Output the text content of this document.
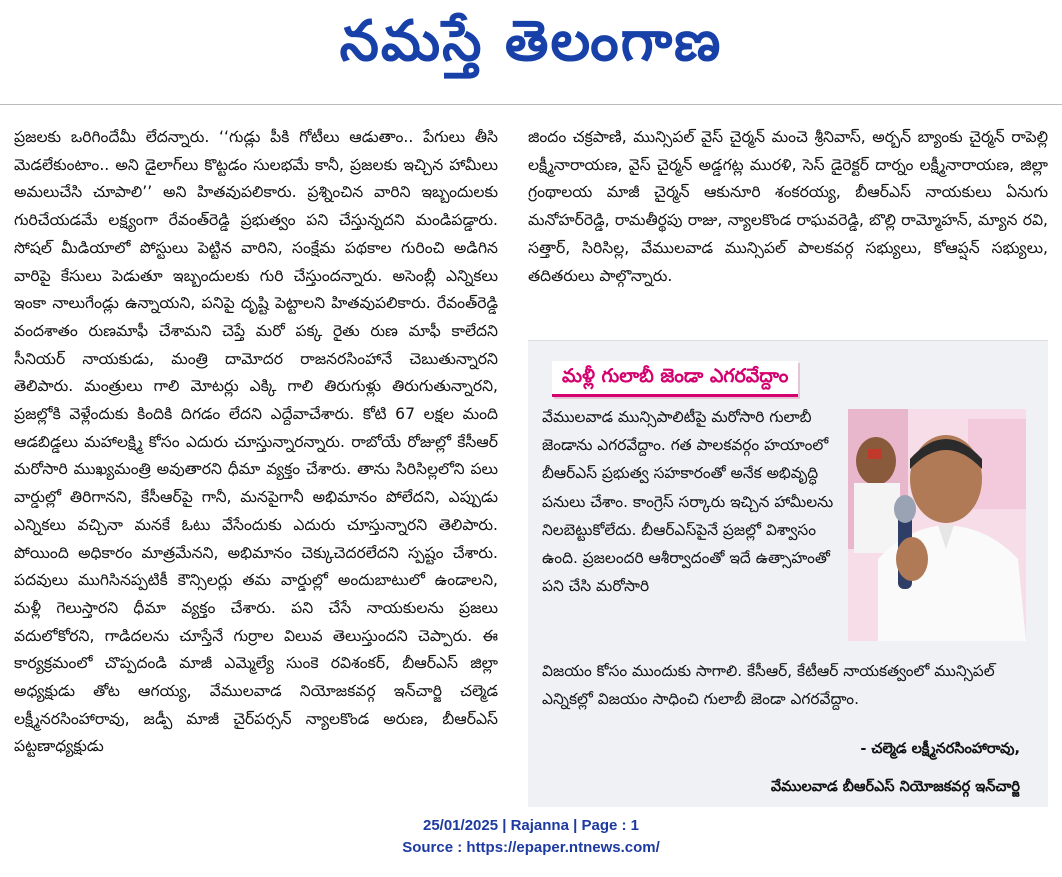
నమస్తే తెలంగాణ
ప్రజలకు ఒరిగిందేమీ లేదన్నారు. ‘‘గుడ్లు పీకి గోటీలు ఆడుతాం.. పేగులు తీసి మెడలేకుంటాం.. అని డైలాగ్‌లు కొట్టడం సులభమే కానీ, ప్రజలకు ఇచ్చిన హామీలు అమలుచేసి చూపాలి’’ అని హితవుపలికారు. ప్రశ్నించిన వారిని ఇబ్బందులకు గురిచేయడమే లక్ష్యంగా రేవంత్‌రెడ్డి ప్రభుత్వం పని చేస్తున్నదని మండిపడ్డారు. సోషల్‌ మీడియాలో పోస్టులు పెట్టిన వారిని, సంక్షేమ పథకాల గురించి అడిగిన వారిపై కేసులు పెడుతూ ఇబ్బందులకు గురి చేస్తుందన్నారు. అసెంబ్లీ ఎన్నికలు ఇంకా నాలుగేండ్లు ఉన్నాయని, పనిపై దృష్టి పెట్టాలని హితవుపలికారు. రేవంత్‌రెడ్డి వందశాతం రుణమాఫీ చేశామని చెప్తే మరో పక్క రైతు రుణ మాఫీ కాలేదని సీనియర్‌ నాయకుడు, మంత్రి దామోదర రాజనరసింహానే చెబుతున్నారని తెలిపారు. మంత్రులు గాలి మోటర్లు ఎక్కి గాలి తిరుగుళ్లు తిరుగుతున్నారని, ప్రజల్లోకి వెళ్లేందుకు కిందికి దిగడం లేదని ఎద్దేవాచేశారు. కోటి 67 లక్షల మంది ఆడబిడ్డలు మహాలక్ష్మి కోసం ఎదురు చూస్తున్నారన్నారు. రాబోయే రోజుల్లో కేసీఆర్‌ మరోసారి ముఖ్యమంత్రి అవుతారని ధీమా వ్యక్తం చేశారు. తాను సిరిసిల్లలోని పలు వార్డుల్లో తిరిగానని, కేసీఆర్‌పై గానీ, మనపైగానీ అభిమానం పోలేదని, ఎప్పుడు ఎన్నికలు వచ్చినా మనకే ఓటు వేసేందుకు ఎదురు చూస్తున్నారని తెలిపారు. పోయింది అధికారం మాత్రమేనని, అభిమానం చెక్కుచెదరలేదని స్పష్టం చేశారు. పదవులు ముగిసినప్పటికీ కౌన్సిలర్లు తమ వార్డుల్లో అందుబాటులో ఉండాలని, మళ్లీ గెలుస్తారని ధీమా వ్యక్తం చేశారు. పని చేసే నాయకులను ప్రజలు వదులోకోరని, గాడిదలను చూస్తేనే గుర్రాల విలువ తెలుస్తుందని చెప్పారు. ఈ కార్యక్రమంలో చొప్పదండి మాజీ ఎమ్మెల్యే సుంకె రవిశంకర్‌, బీఆర్‌ఎస్‌ జిల్లా అధ్యక్షుడు తోట ఆగయ్య, వేములవాడ నియోజకవర్గ ఇన్‌చార్జి చల్మెడ లక్ష్మీనరసింహారావు, జడ్పీ మాజీ చైర్‌పర్సన్‌ న్యాలకొండ అరుణ, బీఆర్‌ఎస్‌ పట్టణాధ్యక్షుడు
జిందం చక్రపాణి, మున్సిపల్‌ వైస్‌ చైర్మన్‌ మంచె శ్రీనివాస్‌, అర్బన్‌ బ్యాంకు చైర్మన్‌ రాపెల్లి లక్ష్మీనారాయణ, వైస్‌ చైర్మన్‌ అడ్డగట్ల మురళి, సెస్‌ డైరెక్టర్‌ దార్నం లక్ష్మీనారాయణ, జిల్లా గ్రంథాలయ మాజీ చైర్మన్‌ ఆకునూరి శంకరయ్య, బీఆర్‌ఎస్‌ నాయకులు ఏనుగు మనోహర్‌రెడ్డి, రామతీర్థపు రాజు, న్యాలకొండ రాఘవరెడ్డి, బొల్లి రామ్మోహన్‌, మ్యాన రవి, సత్తార్‌, సిరిసిల్ల, వేములవాడ మున్సిపల్‌ పాలకవర్గ సభ్యులు, కోఆప్షన్‌ సభ్యులు, తదితరులు పాల్గొన్నారు.
మళ్లీ గులాబీ జెండా ఎగరవేద్దాం
వేములవాడ మున్సిపాలిటీపై మరోసారి గులాబీ జెండాను ఎగరవేద్దాం. గత పాలకవర్గం హయాంలో బీఆర్‌ఎస్‌ ప్రభుత్వ సహకారంతో అనేక అభివృద్ధి పనులు చేశాం. కాంగ్రెస్‌ సర్కారు ఇచ్చిన హామీలను నిలబెట్టుకోలేదు. బీఆర్‌ఎస్‌పైనే ప్రజల్లో విశ్వాసం ఉంది. ప్రజలందరి ఆశీర్వాదంతో ఇదే ఉత్సాహంతో పని చేసి మరోసారి
విజయం కోసం ముందుకు సాగాలి. కేసీఆర్‌, కేటీఆర్‌ నాయకత్వంలో మున్సిపల్‌ ఎన్నికల్లో విజయం సాధించి గులాబీ జెండా ఎగరవేద్దాం.
- చల్మెడ లక్ష్మీనరసింహారావు,
వేములవాడ బీఆర్‌ఎస్‌ నియోజకవర్గ ఇన్‌చార్జి
25/01/2025 | Rajanna | Page : 1
Source : https://epaper.ntnews.com/
